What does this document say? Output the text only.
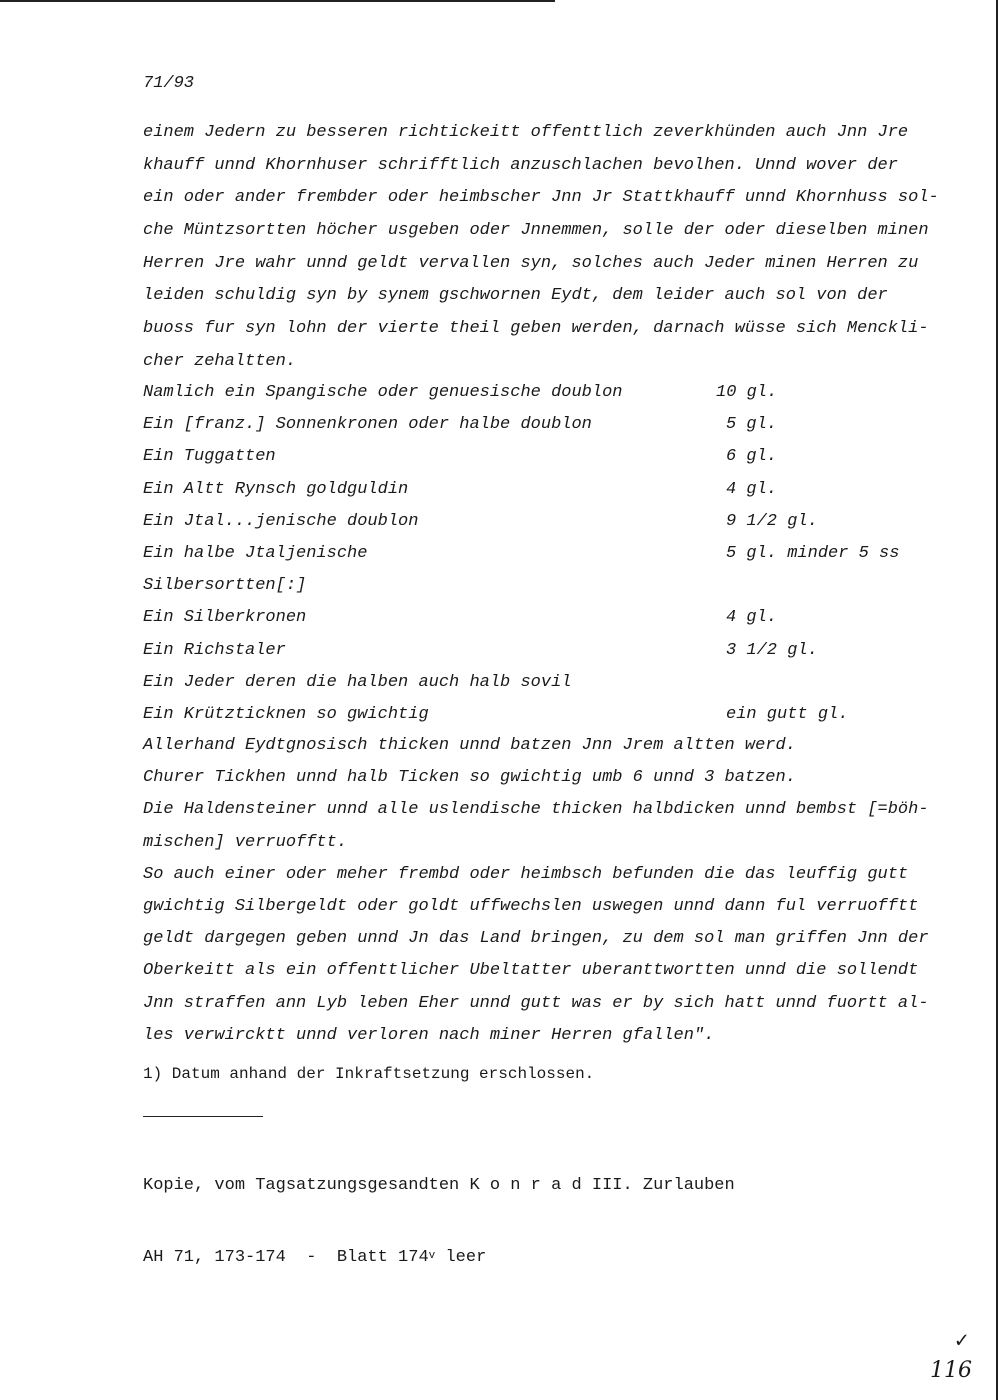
71/93
einem Jedern zu besseren richtickeitt offenttlich zeverkhünden auch Jnn Jre
khauff unnd Khornhuser schrifftlich anzuschlachen bevolhen. Unnd wover der
ein oder ander frembder oder heimbscher Jnn Jr Stattkhauff unnd Khornhuss sol-
che Müntzsortten höcher usgeben oder Jnnemmen, solle der oder dieselben minen
Herren Jre wahr unnd geldt vervallen syn, solches auch Jeder minen Herren zu
leiden schuldig syn by synem gschwornen Eydt, dem leider auch sol von der
buoss fur syn lohn der vierte theil geben werden, darnach wüsse sich Menckli-
cher zehaltten.
Namlich ein Spangische oder genuesische doublon	10 gl.
Ein [franz.] Sonnenkronen oder halbe doublon	5 gl.
Ein Tuggatten	6 gl.
Ein Altt Rynsch goldguldin	4 gl.
Ein Jtal...jenische doublon	9 1/2 gl.
Ein halbe Jtaljenische	5 gl. minder 5 ss
Silbersortten[:]
Ein Silberkronen	4 gl.
Ein Richstaler	3 1/2 gl.
Ein Jeder deren die halben auch halb sovil
Ein Krützticknen so gwichtig	ein gutt gl.
Allerhand Eydtgnosisch thicken unnd batzen Jnn Jrem altten werd.
Churer Tickhen unnd halb Ticken so gwichtig umb 6 unnd 3 batzen.
Die Haldensteiner unnd alle uslendische thicken halbdicken unnd bembst [=böh-
mischen] verruofftt.
So auch einer oder meher frembd oder heimbsch befunden die das leuffig gutt
gwichtig Silbergeldt oder goldt uffwechslen uswegen unnd dann ful verruofftt
geldt dargegen geben unnd Jn das Land bringen, zu dem sol man griffen Jnn der
Oberkeitt als ein offenttlicher Ubeltatter uberanttwortten unnd die sollendt
Jnn straffen ann Lyb leben Eher unnd gutt was er by sich hatt unnd fuortt al-
les verwircktt unnd verloren nach miner Herren gfallen".
1) Datum anhand der Inkraftsetzung erschlossen.

Kopie, vom Tagsatzungsgesandten K o n r a d III. Zurlauben

AH 71, 173-174  -  Blatt 174$^v$ leer

✓
116
